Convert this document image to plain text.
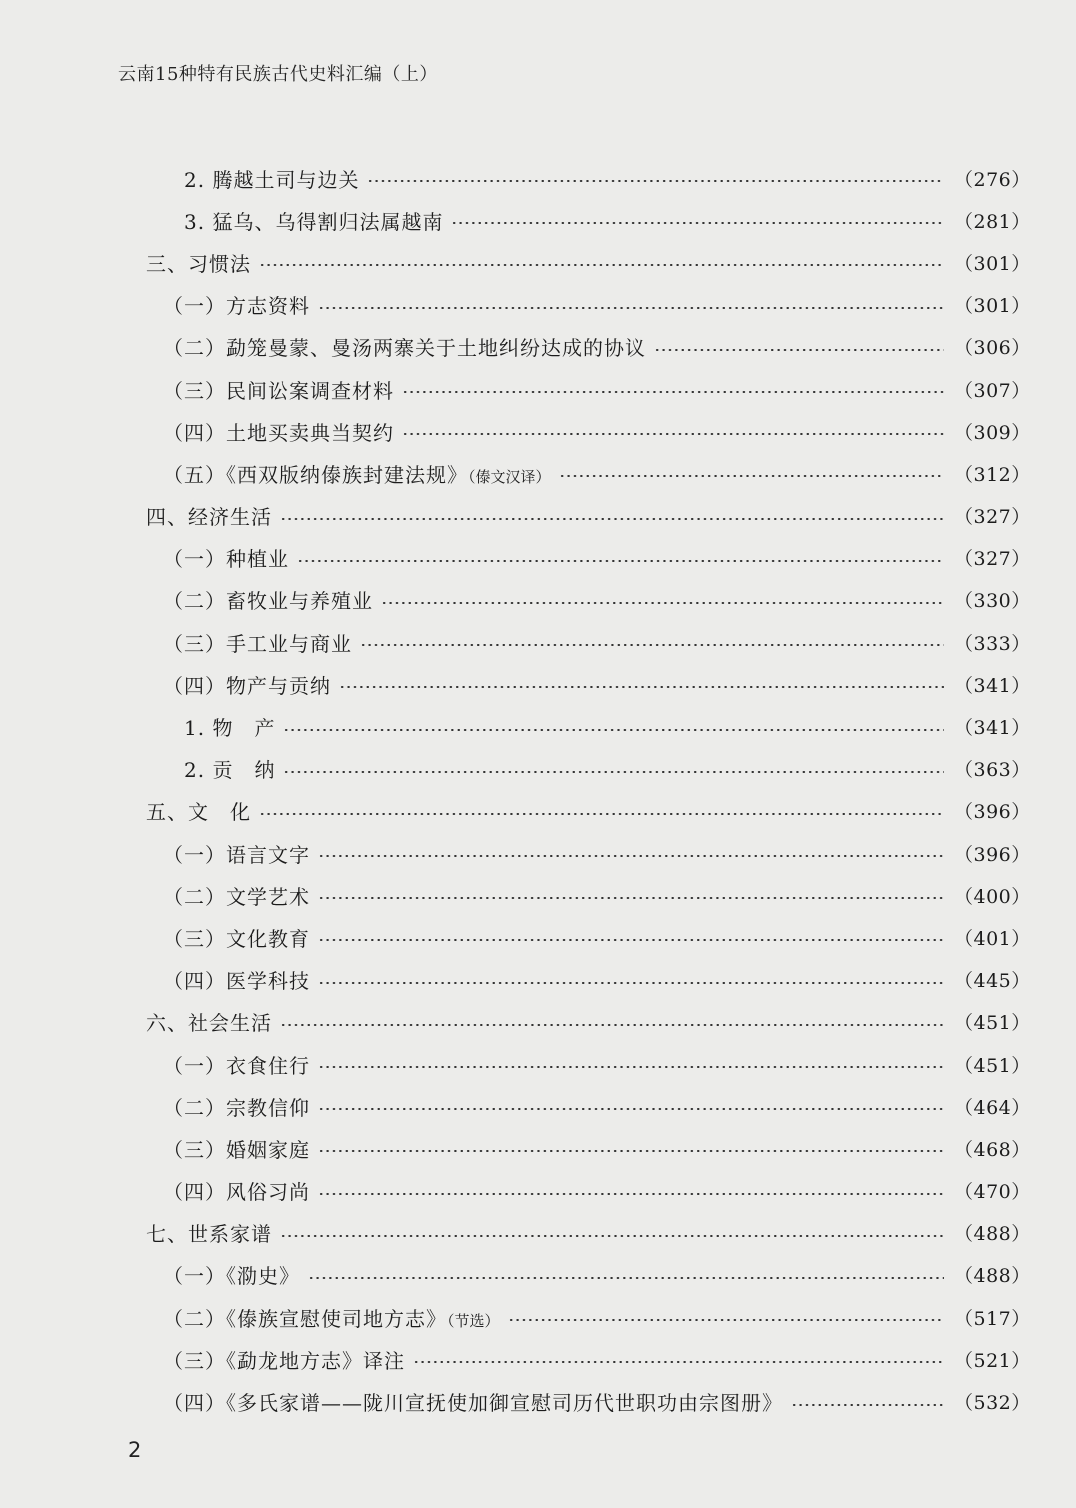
云南15种特有民族古代史料汇编（上）
2. 腾越土司与边关	（276）
3. 猛乌、乌得割归法属越南	（281）
三、习惯法	（301）
（一）方志资料	（301）
（二）勐笼曼蒙、曼汤两寨关于土地纠纷达成的协议	（306）
（三）民间讼案调查材料	（307）
（四）土地买卖典当契约	（309）
（五）《西双版纳傣族封建法规》（傣文汉译）	（312）
四、经济生活	（327）
（一）种植业	（327）
（二）畜牧业与养殖业	（330）
（三）手工业与商业	（333）
（四）物产与贡纳	（341）
1. 物　产	（341）
2. 贡　纳	（363）
五、文　化	（396）
（一）语言文字	（396）
（二）文学艺术	（400）
（三）文化教育	（401）
（四）医学科技	（445）
六、社会生活	（451）
（一）衣食住行	（451）
（二）宗教信仰	（464）
（三）婚姻家庭	（468）
（四）风俗习尚	（470）
七、世系家谱	（488）
（一）《泐史》	（488）
（二）《傣族宣慰使司地方志》（节选）	（517）
（三）《勐龙地方志》译注	（521）
（四）《多氏家谱——陇川宣抚使加御宣慰司历代世职功由宗图册》	（532）
2
